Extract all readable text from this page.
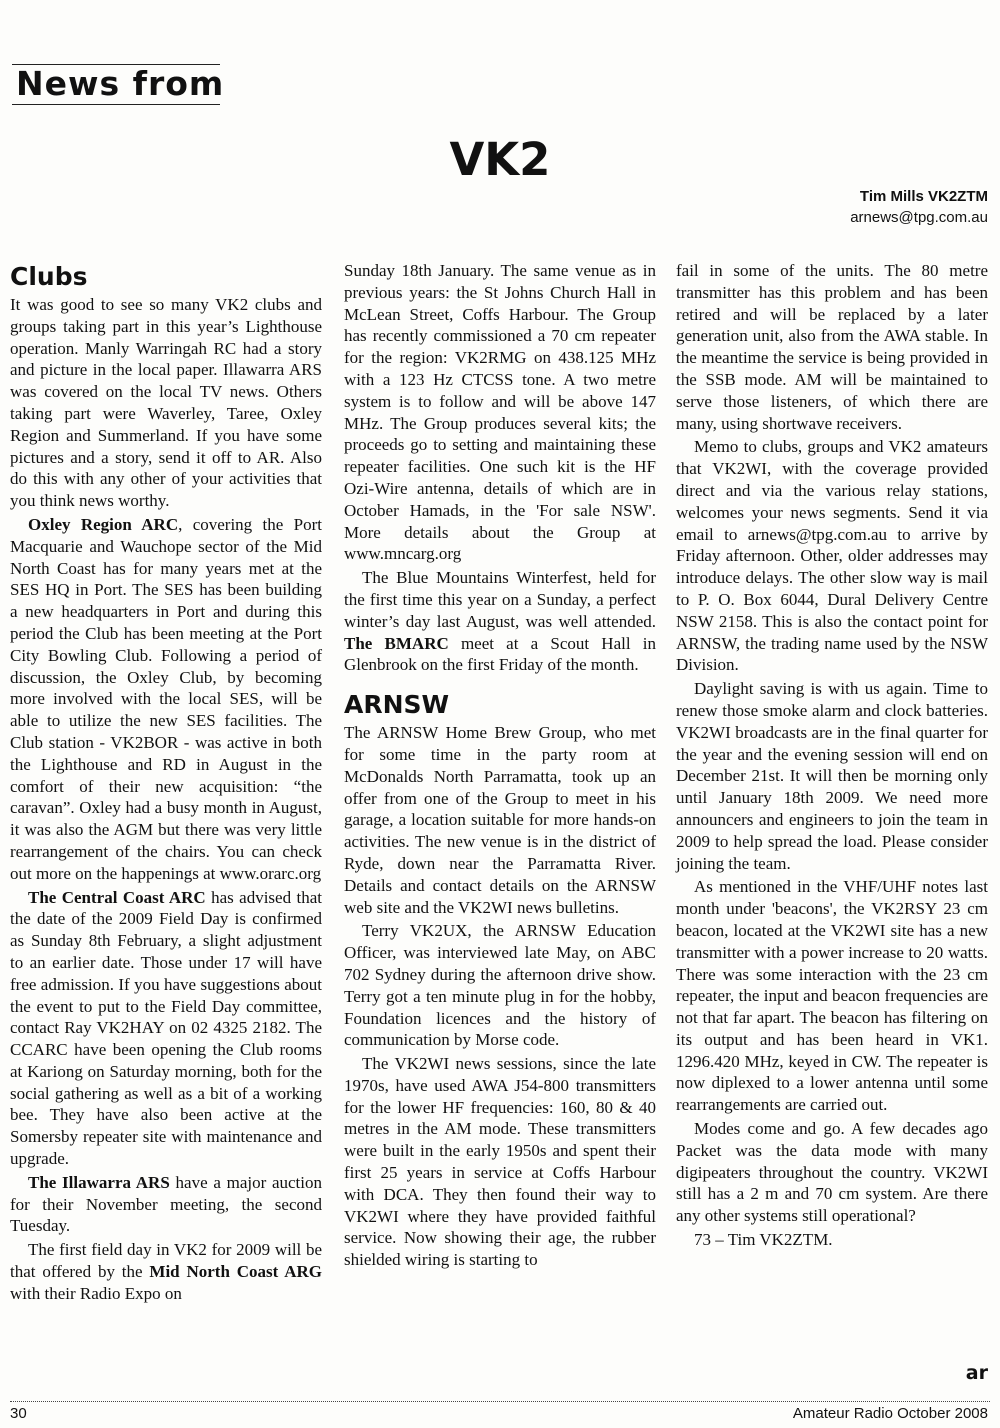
News from
VK2
Tim Mills VK2ZTM
arnews@tpg.com.au
Clubs

It was good to see so many VK2 clubs and groups taking part in this year’s Lighthouse operation. Manly Warringah RC had a story and picture in the local paper. Illawarra ARS was covered on the local TV news. Others taking part were Waverley, Taree, Oxley Region and Summerland. If you have some pictures and a story, send it off to AR. Also do this with any other of your activities that you think news worthy.

Oxley Region ARC, covering the Port Macquarie and Wauchope sector of the Mid North Coast has for many years met at the SES HQ in Port. The SES has been building a new headquarters in Port and during this period the Club has been meeting at the Port City Bowling Club. Following a period of discussion, the Oxley Club, by becoming more involved with the local SES, will be able to utilize the new SES facilities. The Club station - VK2BOR - was active in both the Lighthouse and RD in August in the comfort of their new acquisition: “the caravan”. Oxley had a busy month in August, it was also the AGM but there was very little rearrangement of the chairs. You can check out more on the happenings at www.orarc.org

The Central Coast ARC has advised that the date of the 2009 Field Day is confirmed as Sunday 8th February, a slight adjustment to an earlier date. Those under 17 will have free admission. If you have suggestions about the event to put to the Field Day committee, contact Ray VK2HAY on 02 4325 2182. The CCARC have been opening the Club rooms at Kariong on Saturday morning, both for the social gathering as well as a bit of a working bee. They have also been active at the Somersby repeater site with maintenance and upgrade.

The Illawarra ARS have a major auction for their November meeting, the second Tuesday.

The first field day in VK2 for 2009 will be that offered by the Mid North Coast ARG with their Radio Expo on

Sunday 18th January. The same venue as in previous years: the St Johns Church Hall in McLean Street, Coffs Harbour. The Group has recently commissioned a 70 cm repeater for the region: VK2RMG on 438.125 MHz with a 123 Hz CTCSS tone. A two metre system is to follow and will be above 147 MHz. The Group produces several kits; the proceeds go to setting and maintaining these repeater facilities. One such kit is the HF Ozi-Wire antenna, details of which are in October Hamads, in the 'For sale NSW'. More details about the Group at www.mncarg.org

The Blue Mountains Winterfest, held for the first time this year on a Sunday, a perfect winter’s day last August, was well attended. The BMARC meet at a Scout Hall in Glenbrook on the first Friday of the month.

ARNSW

The ARNSW Home Brew Group, who met for some time in the party room at McDonalds North Parramatta, took up an offer from one of the Group to meet in his garage, a location suitable for more hands-on activities. The new venue is in the district of Ryde, down near the Parramatta River. Details and contact details on the ARNSW web site and the VK2WI news bulletins.

Terry VK2UX, the ARNSW Education Officer, was interviewed late May, on ABC 702 Sydney during the afternoon drive show. Terry got a ten minute plug in for the hobby, Foundation licences and the history of communication by Morse code.

The VK2WI news sessions, since the late 1970s, have used AWA J54-800 transmitters for the lower HF frequencies: 160, 80 & 40 metres in the AM mode. These transmitters were built in the early 1950s and spent their first 25 years in service at Coffs Harbour with DCA. They then found their way to VK2WI where they have provided faithful service. Now showing their age, the rubber shielded wiring is starting to

fail in some of the units. The 80 metre transmitter has this problem and has been retired and will be replaced by a later generation unit, also from the AWA stable. In the meantime the service is being provided in the SSB mode. AM will be maintained to serve those listeners, of which there are many, using shortwave receivers.

Memo to clubs, groups and VK2 amateurs that VK2WI, with the coverage provided direct and via the various relay stations, welcomes your news segments. Send it via email to arnews@tpg.com.au to arrive by Friday afternoon. Other, older addresses may introduce delays. The other slow way is mail to P. O. Box 6044, Dural Delivery Centre NSW 2158. This is also the contact point for ARNSW, the trading name used by the NSW Division.

Daylight saving is with us again. Time to renew those smoke alarm and clock batteries. VK2WI broadcasts are in the final quarter for the year and the evening session will end on December 21st. It will then be morning only until January 18th 2009. We need more announcers and engineers to join the team in 2009 to help spread the load. Please consider joining the team.

As mentioned in the VHF/UHF notes last month under 'beacons', the VK2RSY 23 cm beacon, located at the VK2WI site has a new transmitter with a power increase to 20 watts. There was some interaction with the 23 cm repeater, the input and beacon frequencies are not that far apart. The beacon has filtering on its output and has been heard in VK1. 1296.420 MHz, keyed in CW. The repeater is now diplexed to a lower antenna until some rearrangements are carried out.

Modes come and go. A few decades ago Packet was the data mode with many digipeaters throughout the country. VK2WI still has a 2 m and 70 cm system. Are there any other systems still operational?

73 – Tim VK2ZTM.

ar
30	Amateur Radio October 2008
